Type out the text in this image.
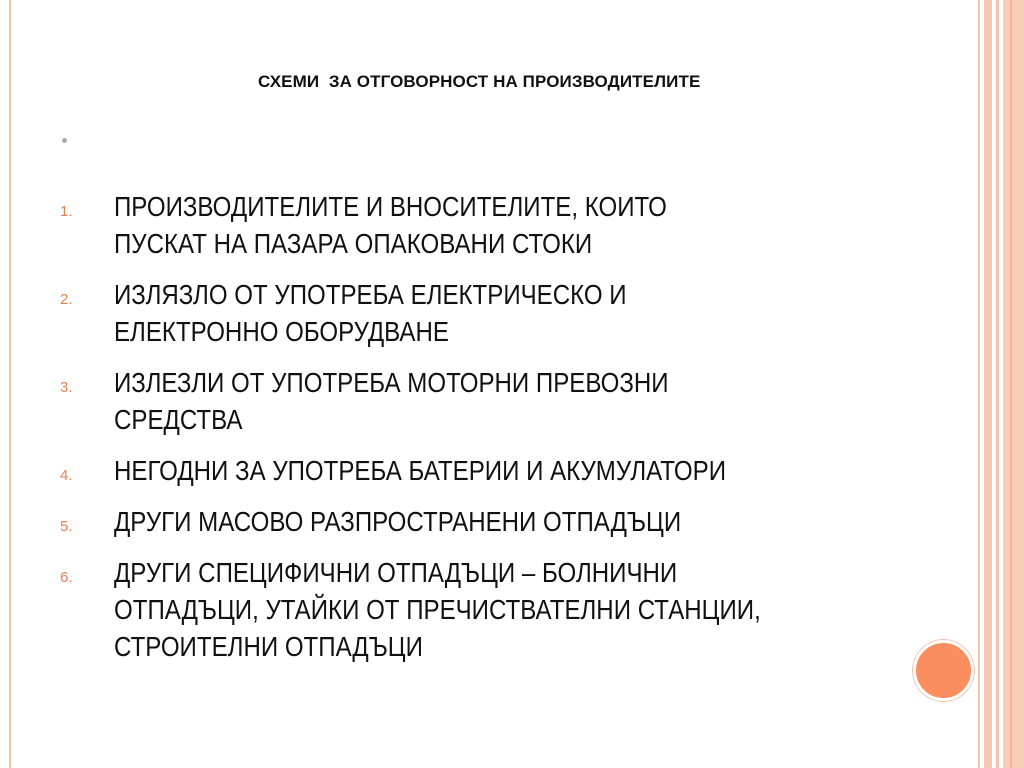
СХЕМИ  ЗА ОТГОВОРНОСТ НА ПРОИЗВОДИТЕЛИТЕ
1.	ПРОИЗВОДИТЕЛИТЕ И ВНОСИТЕЛИТЕ, КОИТО
ПУСКАТ НА ПАЗАРА ОПАКОВАНИ СТОКИ
2.	ИЗЛЯЗЛО ОТ УПОТРЕБА ЕЛЕКТРИЧЕСКО И
ЕЛЕКТРОННО ОБОРУДВАНЕ
3.	ИЗЛЕЗЛИ ОТ УПОТРЕБА МОТОРНИ ПРЕВОЗНИ
СРЕДСТВА
4.	НЕГОДНИ ЗА УПОТРЕБА БАТЕРИИ И АКУМУЛАТОРИ
5.	ДРУГИ МАСОВО РАЗПРОСТРАНЕНИ ОТПАДЪЦИ
6.	ДРУГИ СПЕЦИФИЧНИ ОТПАДЪЦИ – БОЛНИЧНИ
ОТПАДЪЦИ, УТАЙКИ ОТ ПРЕЧИСТВАТЕЛНИ СТАНЦИИ,
СТРОИТЕЛНИ ОТПАДЪЦИ
